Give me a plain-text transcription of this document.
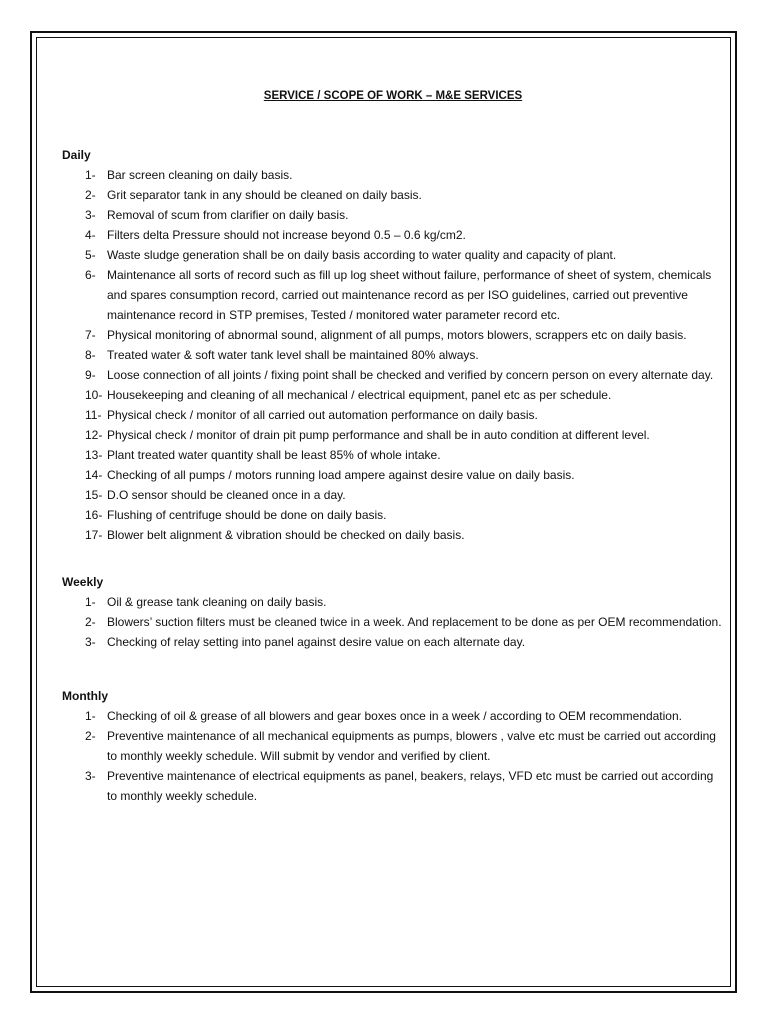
SERVICE / SCOPE OF WORK – M&E SERVICES
Daily
1- Bar screen cleaning on daily basis.
2- Grit separator tank in any should be cleaned on daily basis.
3- Removal of scum from clarifier on daily basis.
4- Filters delta Pressure should not increase beyond 0.5 – 0.6 kg/cm2.
5- Waste sludge generation shall be on daily basis according to water quality and capacity of plant.
6- Maintenance all sorts of record such as fill up log sheet without failure, performance of sheet of system, chemicals and spares consumption record, carried out maintenance record as per ISO guidelines, carried out preventive maintenance record in STP premises, Tested / monitored water parameter record etc.
7- Physical monitoring of abnormal sound, alignment of all pumps, motors blowers, scrappers etc on daily basis.
8- Treated water & soft water tank level shall be maintained 80% always.
9- Loose connection of all joints / fixing point shall be checked and verified by concern person on every alternate day.
10- Housekeeping and cleaning of all mechanical / electrical equipment, panel etc as per schedule.
11- Physical check / monitor of all carried out automation performance on daily basis.
12- Physical check / monitor of drain pit pump performance and shall be in auto condition at different level.
13- Plant treated water quantity shall be least 85% of whole intake.
14- Checking of all pumps / motors running load ampere against desire value on daily basis.
15- D.O sensor should be cleaned once in a day.
16- Flushing of centrifuge should be done on daily basis.
17- Blower belt alignment & vibration should be checked on daily basis.
Weekly
1- Oil & grease tank cleaning on daily basis.
2- Blowers’ suction filters must be cleaned twice in a week. And replacement to be done as per OEM recommendation.
3- Checking of relay setting into panel against desire value on each alternate day.
Monthly
1- Checking of oil & grease of all blowers and gear boxes once in a week / according to OEM recommendation.
2- Preventive maintenance of all mechanical equipments as pumps, blowers , valve etc must be carried out according to monthly weekly schedule. Will submit by vendor and verified by client.
3- Preventive maintenance of electrical equipments as panel, beakers, relays, VFD etc must be carried out according to monthly weekly schedule.
